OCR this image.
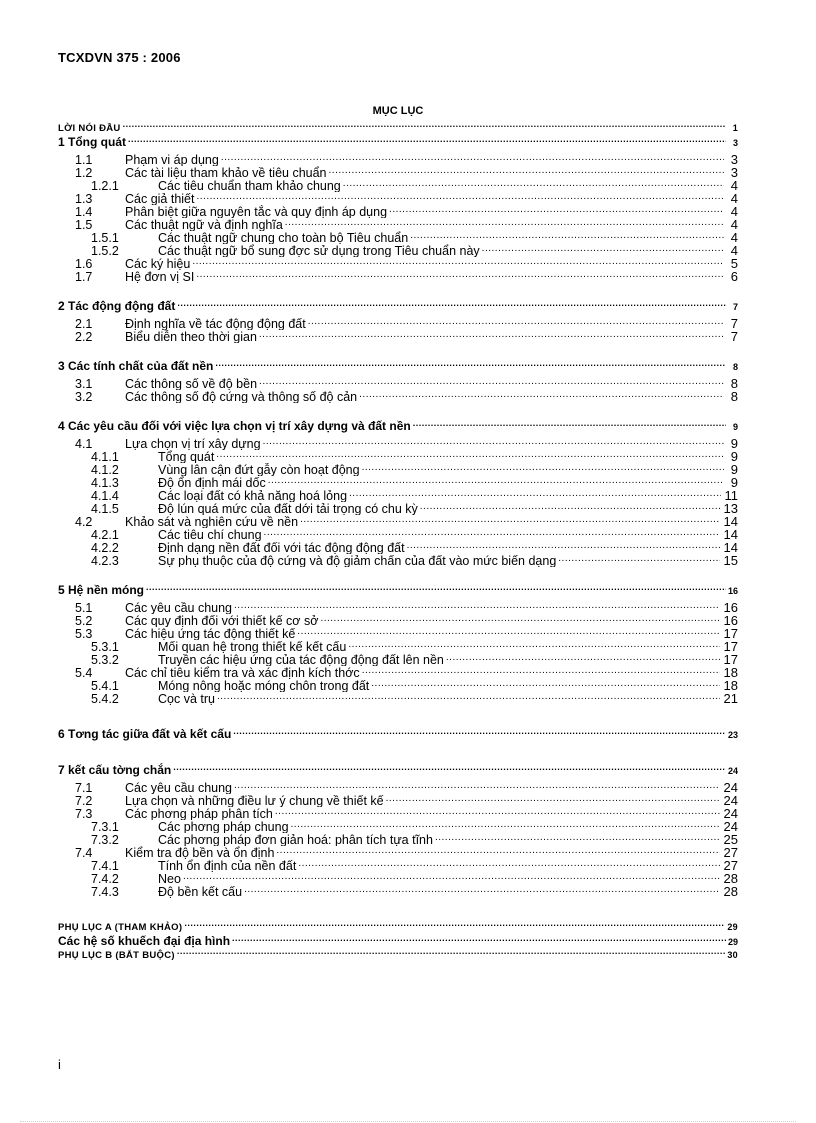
TCXDVN 375 : 2006
MỤC LỤC
LỜI NÓI ĐẦU .....	1
1 Tổng quát .....	3
1.1	Phạm vi áp dụng .....	3
1.2	Các tài liệu tham khảo về tiêu chuẩn .....	3
1.2.1	Các tiêu chuẩn tham khảo chung .....	4
1.3	Các giả thiết .....	4
1.4	Phân biệt giữa nguyên tắc và quy định áp dụng .....	4
1.5	Các thuật ngữ và định nghĩa .....	4
1.5.1	Các thuật ngữ chung cho toàn bộ Tiêu chuẩn .....	4
1.5.2	Các thuật ngữ bổ sung đợc sử dụng trong Tiêu chuẩn này .....	4
1.6	Các ký hiệu .....	5
1.7	Hệ đơn vị SI .....	6
2 Tác động động đất .....	7
2.1	Định nghĩa về tác động động đất .....	7
2.2	Biểu diễn theo thời gian .....	7
3 Các tính chất của đất nền .....	8
3.1	Các thông số về độ bền .....	8
3.2	Các thông số độ cứng và thông số độ cản .....	8
4 Các yêu cầu đối với việc lựa chọn vị trí xây dựng và đất nền .....	9
4.1	Lựa chọn vị trí xây dựng .....	9
4.1.1	Tổng quát .....	9
4.1.2	Vùng lân cận đứt gẫy còn hoạt động .....	9
4.1.3	Độ ổn định mái dốc .....	9
4.1.4	Các loại đất có khả năng hoá lỏng .....	11
4.1.5	Độ lún quá mức của đất dới tải trọng có chu kỳ .....	13
4.2	Khảo sát và nghiên cứu về nền .....	14
4.2.1	Các tiêu chí chung .....	14
4.2.2	Định dạng nền đất đối với tác động động đất .....	14
4.2.3	Sự phụ thuộc của độ cứng và độ giảm chấn của đất vào mức biến dạng .....	15
5 Hệ nền móng .....	16
5.1	Các yêu cầu chung .....	16
5.2	Các quy định đối với thiết kế cơ sở .....	16
5.3	Các hiệu ứng tác động thiết kế .....	17
5.3.1	Mối quan hệ trong thiết kế kết cấu .....	17
5.3.2	Truyền các hiệu ứng của tác động động đất lên nền .....	17
5.4	Các chỉ tiêu kiểm tra và xác định kích thớc .....	18
5.4.1	Móng nông hoặc móng chôn trong đất .....	18
5.4.2	Cọc và trụ .....	21
6 Tơng tác giữa đất và kết cấu .....	23
7 kết cấu tờng chắn .....	24
7.1	Các yêu cầu chung .....	24
7.2	Lựa chọn và những điều lư ý chung về thiết kế .....	24
7.3	Các phơng pháp phân tích .....	24
7.3.1	Các phơng pháp chung .....	24
7.3.2	Các phơng pháp đơn giản hoá: phân tích tựa tĩnh .....	25
7.4	Kiểm tra độ bền và ổn định .....	27
7.4.1	Tính ổn định của nền đất .....	27
7.4.2	Neo .....	28
7.4.3	Độ bền kết cấu .....	28
PHỤ LỤC A (THAM KHẢO) .....	29
Các hệ số khuếch đại địa hình .....	29
PHỤ LỤC B (BẮT BUỘC) .....	30
i
